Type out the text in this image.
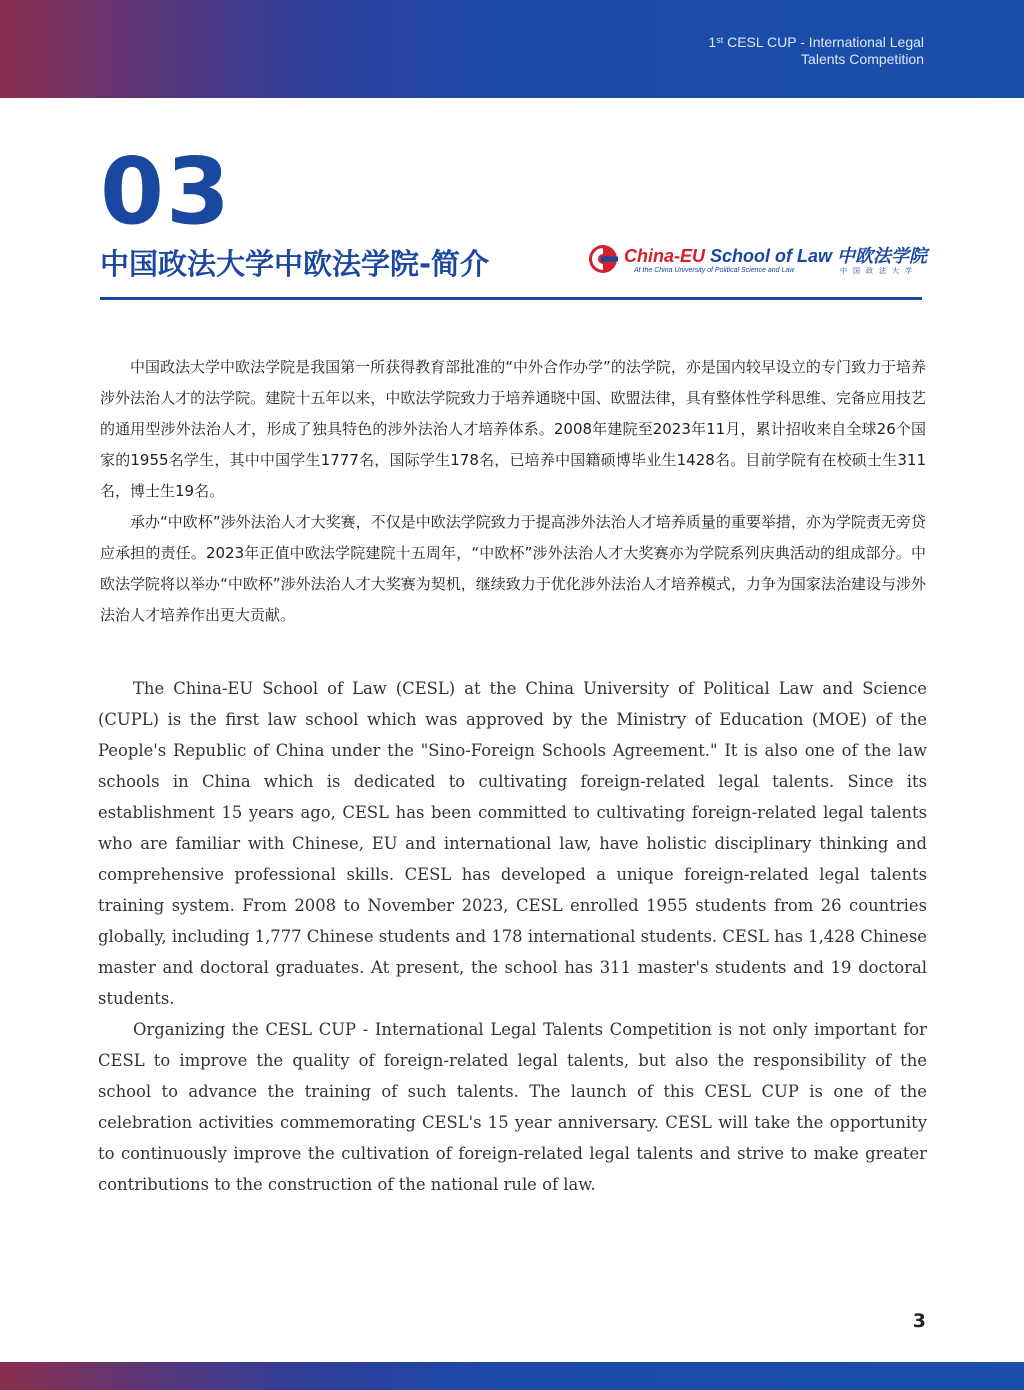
1st CESL CUP - International Legal
Talents Competition
03
中国政法大学中欧法学院-简介	China-EU School of Law 中欧法学院
At the China University of Political Science and Law	中国政法大学

中国政法大学中欧法学院是我国第一所获得教育部批准的“中外合作办学”的法学院，亦是国内较早设立的专门致力于培养涉外法治人才的法学院。建院十五年以来，中欧法学院致力于培养通晓中国、欧盟法律，具有整体性学科思维、完备应用技艺的通用型涉外法治人才，形成了独具特色的涉外法治人才培养体系。2008年建院至2023年11月，累计招收来自全球26个国家的1955名学生，其中中国学生1777名，国际学生178名，已培养中国籍硕博毕业生1428名。目前学院有在校硕士生311名，博士生19名。

承办“中欧杯”涉外法治人才大奖赛，不仅是中欧法学院致力于提高涉外法治人才培养质量的重要举措，亦为学院责无旁贷应承担的责任。2023年正值中欧法学院建院十五周年，“中欧杯”涉外法治人才大奖赛亦为学院系列庆典活动的组成部分。中欧法学院将以举办“中欧杯”涉外法治人才大奖赛为契机，继续致力于优化涉外法治人才培养模式，力争为国家法治建设与涉外法治人才培养作出更大贡献。

The China-EU School of Law (CESL) at the China University of Political Law and Science (CUPL) is the first law school which was approved by the Ministry of Education (MOE) of the People's Republic of China under the "Sino-Foreign Schools Agreement." It is also one of the law schools in China which is dedicated to cultivating foreign-related legal talents. Since its establishment 15 years ago, CESL has been committed to cultivating foreign-related legal talents who are familiar with Chinese, EU and international law, have holistic disciplinary thinking and comprehensive professional skills. CESL has developed a unique foreign-related legal talents training system. From 2008 to November 2023, CESL enrolled 1955 students from 26 countries globally, including 1,777 Chinese students and 178 international students. CESL has 1,428 Chinese master and doctoral graduates. At present, the school has 311 master's students and 19 doctoral students.

Organizing the CESL CUP - International Legal Talents Competition is not only important for CESL to improve the quality of foreign-related legal talents, but also the responsibility of the school to advance the training of such talents. The launch of this CESL CUP is one of the celebration activities commemorating CESL's 15 year anniversary. CESL will take the opportunity to continuously improve the cultivation of foreign-related legal talents and strive to make greater contributions to the construction of the national rule of law.

3
